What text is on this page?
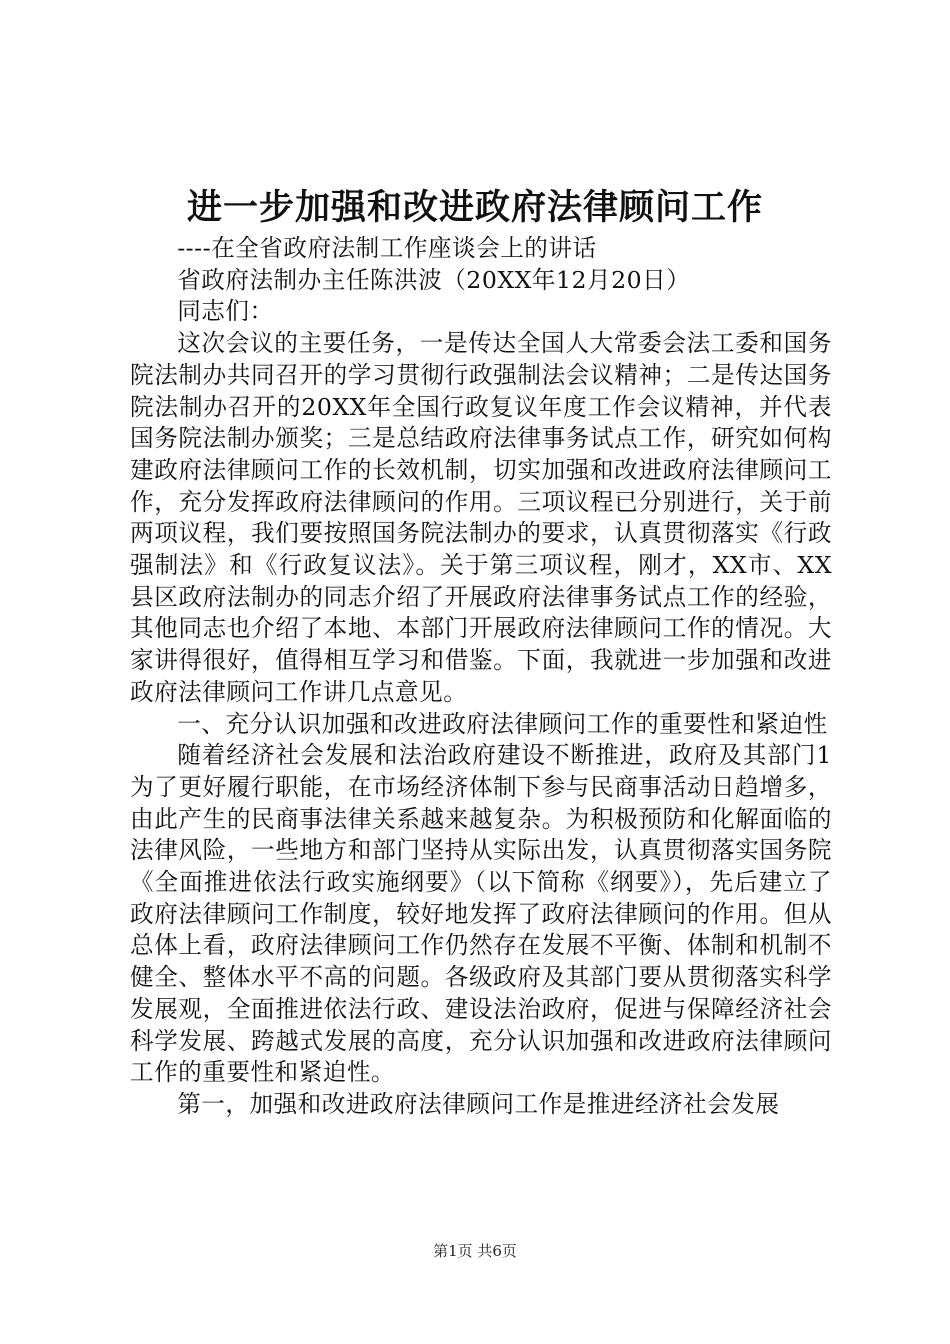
进一步加强和改进政府法律顾问工作

----在全省政府法制工作座谈会上的讲话

省政府法制办主任陈洪波（20XX年12月20日）

同志们：

这次会议的主要任务，一是传达全国人大常委会法工委和国务院法制办共同召开的学习贯彻行政强制法会议精神；二是传达国务院法制办召开的20XX年全国行政复议年度工作会议精神，并代表国务院法制办颁奖；三是总结政府法律事务试点工作，研究如何构建政府法律顾问工作的长效机制，切实加强和改进政府法律顾问工作，充分发挥政府法律顾问的作用。三项议程已分别进行，关于前两项议程，我们要按照国务院法制办的要求，认真贯彻落实《行政强制法》和《行政复议法》。关于第三项议程，刚才，XX市、XX县区政府法制办的同志介绍了开展政府法律事务试点工作的经验，其他同志也介绍了本地、本部门开展政府法律顾问工作的情况。大家讲得很好，值得相互学习和借鉴。下面，我就进一步加强和改进政府法律顾问工作讲几点意见。

一、充分认识加强和改进政府法律顾问工作的重要性和紧迫性

随着经济社会发展和法治政府建设不断推进，政府及其部门1为了更好履行职能，在市场经济体制下参与民商事活动日趋增多，由此产生的民商事法律关系越来越复杂。为积极预防和化解面临的法律风险，一些地方和部门坚持从实际出发，认真贯彻落实国务院《全面推进依法行政实施纲要》（以下简称《纲要》），先后建立了政府法律顾问工作制度，较好地发挥了政府法律顾问的作用。但从总体上看，政府法律顾问工作仍然存在发展不平衡、体制和机制不健全、整体水平不高的问题。各级政府及其部门要从贯彻落实科学发展观，全面推进依法行政、建设法治政府，促进与保障经济社会科学发展、跨越式发展的高度，充分认识加强和改进政府法律顾问工作的重要性和紧迫性。

第一，加强和改进政府法律顾问工作是推进经济社会发展

第1页 共6页
